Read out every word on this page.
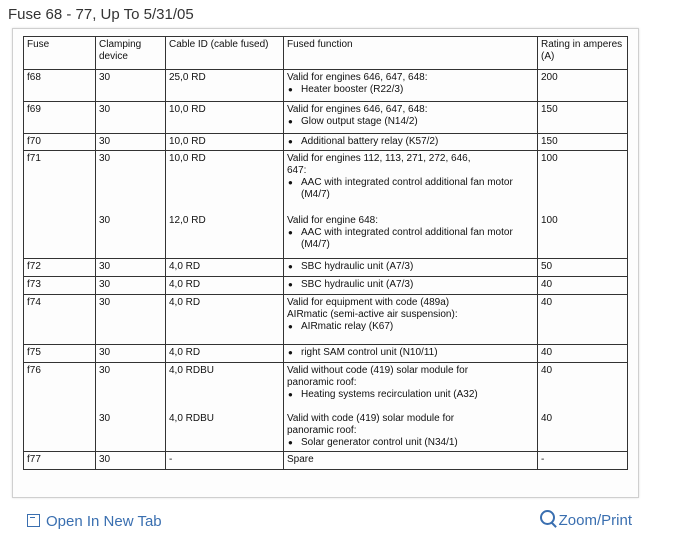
Fuse 68 - 77, Up To 5/31/05
Fuse	Clamping device	Cable ID (cable fused)	Fused function	Rating in amperes (A)
f68	30	25,0 RD	Valid for engines 646, 647, 648:
● Heater booster (R22/3)	200
f69	30	10,0 RD	Valid for engines 646, 647, 648:
● Glow output stage (N14/2)	150
f70	30	10,0 RD	● Additional battery relay (K57/2)	150
f71	30	10,0 RD	Valid for engines 112, 113, 271, 272, 646,
647:
● AAC with integrated control additional fan motor (M4/7)	100
	30	12,0 RD	Valid for engine 648:
● AAC with integrated control additional fan motor (M4/7)	100
f72	30	4,0 RD	● SBC hydraulic unit (A7/3)	50
f73	30	4,0 RD	● SBC hydraulic unit (A7/3)	40
f74	30	4,0 RD	Valid for equipment with code (489a)
AIRmatic (semi-active air suspension):
● AIRmatic relay (K67)	40
f75	30	4,0 RD	● right SAM control unit (N10/11)	40
f76	30	4,0 RDBU	Valid without code (419) solar module for
panoramic roof:
● Heating systems recirculation unit (A32)	40
	30	4,0 RDBU	Valid with code (419) solar module for
panoramic roof:
● Solar generator control unit (N34/1)	40
f77	30	-	Spare	-
Open In New Tab	Zoom/Print
